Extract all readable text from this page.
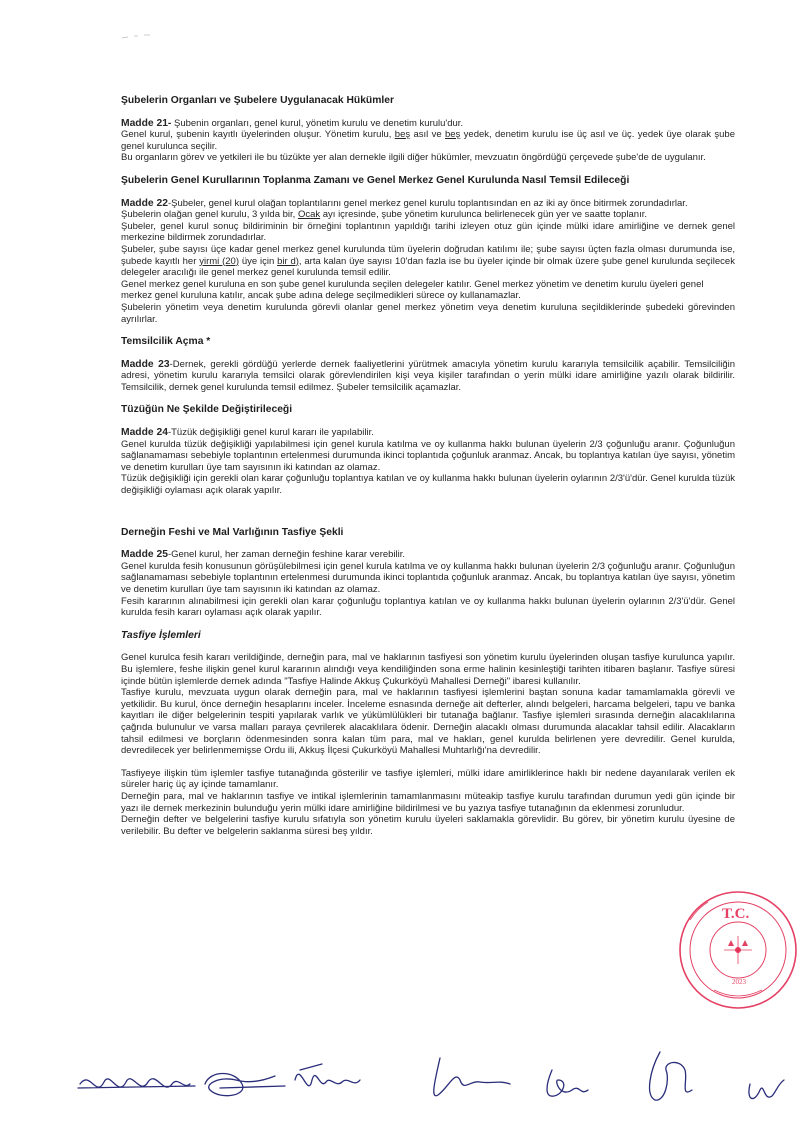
Şubelerin Organları ve Şubelere Uygulanacak Hükümler
Madde 21- Şubenin organları, genel kurul, yönetim kurulu ve denetim kurulu'dur.
Genel kurul, şubenin kayıtlı üyelerinden oluşur. Yönetim kurulu, beş asıl ve beş yedek, denetim kurulu ise üç asıl ve üç. yedek üye olarak şube genel kurulunca seçilir.
Bu organların görev ve yetkileri ile bu tüzükte yer alan dernekle ilgili diğer hükümler, mevzuatın öngördüğü çerçevede şube'de de uygulanır.
Şubelerin Genel Kurullarının Toplanma Zamanı ve Genel Merkez Genel Kurulunda Nasıl Temsil Edileceği
Madde 22-Şubeler, genel kurul olağan toplantılarını genel merkez genel kurulu toplantısından en az iki ay önce bitirmek zorundadırlar.
Şubelerin olağan genel kurulu, 3 yılda bir, Ocak ayı içresinde, şube yönetim kurulunca belirlenecek gün yer ve saatte toplanır.
Şubeler, genel kurul sonuç bildiriminin bir örneğini toplantının yapıldığı tarihi izleyen otuz gün içinde mülki idare amirliğine ve dernek genel merkezine bildirmek zorundadırlar.
Şubeler, şube sayısı üçe kadar genel merkez genel kurulunda tüm üyelerin doğrudan katılımı ile; şube sayısı üçten fazla olması durumunda ise, şubede kayıtlı her yirmi (20) üye için bir d), arta kalan üye sayısı 10'dan fazla ise bu üyeler içinde bir olmak üzere şube genel kurulunda seçilecek delegeler aracılığı ile genel merkez genel kurulunda temsil edilir.
Genel merkez genel kuruluna en son şube genel kurulunda seçilen delegeler katılır. Genel merkez yönetim ve denetim kurulu üyeleri genel
merkez genel kuruluna katılır, ancak şube adına delege seçilmedikleri sürece oy kullanamazlar.
Şubelerin yönetim veya denetim kurulunda görevli olanlar genel merkez yönetim veya denetim kuruluna seçildiklerinde şubedeki görevinden ayrılırlar.
Temsilcilik Açma *
Madde 23-Dernek, gerekli gördüğü yerlerde dernek faaliyetlerini yürütmek amacıyla yönetim kurulu kararıyla temsilcilik açabilir. Temsilciliğin adresi, yönetim kurulu kararıyla temsilci olarak görevlendirilen kişi veya kişiler tarafından o yerin mülki idare amirliğine yazılı olarak bildirilir. Temsilcilik, dernek genel kurulunda temsil edilmez. Şubeler temsilcilik açamazlar.
Tüzüğün Ne Şekilde Değiştirileceği
Madde 24-Tüzük değişikliği genel kurul kararı ile yapılabilir.
Genel kurulda tüzük değişikliği yapılabilmesi için genel kurula katılma ve oy kullanma hakkı bulunan üyelerin 2/3 çoğunluğu aranır. Çoğunluğun sağlanamaması sebebiyle toplantının ertelenmesi durumunda ikinci toplantıda çoğunluk aranmaz. Ancak, bu toplantıya katılan üye sayısı, yönetim ve denetim kurulları üye tam sayısının iki katından az olamaz.
Tüzük değişikliği için gerekli olan karar çoğunluğu toplantıya katılan ve oy kullanma hakkı bulunan üyelerin oylarının 2/3'ü'dür. Genel kurulda tüzük değişikliği oylaması açık olarak yapılır.
Derneğin Feshi ve Mal Varlığının Tasfiye Şekli
Madde 25-Genel kurul, her zaman derneğin feshine karar verebilir.
Genel kurulda fesih konusunun görüşülebilmesi için genel kurula katılma ve oy kullanma hakkı bulunan üyelerin 2/3 çoğunluğu aranır. Çoğunluğun sağlanamaması sebebiyle toplantının ertelenmesi durumunda ikinci toplantıda çoğunluk aranmaz. Ancak, bu toplantıya katılan üye sayısı, yönetim ve denetim kurulları üye tam sayısının iki katından az olamaz.
Fesih kararının alınabilmesi için gerekli olan karar çoğunluğu toplantıya katılan ve oy kullanma hakkı bulunan üyelerin oylarının 2/3'ü'dür. Genel kurulda fesih kararı oylaması açık olarak yapılır.
Tasfiye İşlemleri
Genel kurulca fesih kararı verildiğinde, derneğin para, mal ve haklarının tasfiyesi son yönetim kurulu üyelerinden oluşan tasfiye kurulunca yapılır. Bu işlemlere, feshe ilişkin genel kurul kararının alındığı veya kendiliğinden sona erme halinin kesinleştiği tarihten itibaren başlanır. Tasfiye süresi içinde bütün işlemlerde dernek adında "Tasfiye Halinde Akkuş Çukurköyü Mahallesi Derneği" ibaresi kullanılır.
Tasfiye kurulu, mevzuata uygun olarak derneğin para, mal ve haklarının tasfiyesi işlemlerini baştan sonuna kadar tamamlamakla görevli ve yetkilidir. Bu kurul, önce derneğin hesaplarını inceler. İnceleme esnasında derneğe ait defterler, alındı belgeleri, harcama belgeleri, tapu ve banka kayıtları ile diğer belgelerinin tespiti yapılarak varlık ve yükümlülükleri bir tutanağa bağlanır. Tasfiye işlemleri sırasında derneğin alacaklılarına çağrıda bulunulur ve varsa malları paraya çevrilerek alacaklılara ödenir. Derneğin alacaklı olması durumunda alacaklar tahsil edilir. Alacakların tahsil edilmesi ve borçların ödenmesinden sonra kalan tüm para, mal ve hakları, genel kurulda belirlenen yere devredilir. Genel kurulda, devredilecek yer belirlenmemişse Ordu ili, Akkuş İlçesi Çukurköyü Mahallesi Muhtarlığı'na devredilir.
Tasfiyeye ilişkin tüm işlemler tasfiye tutanağında gösterilir ve tasfiye işlemleri, mülki idare amirliklerince haklı bir nedene dayanılarak verilen ek süreler hariç üç ay içinde tamamlanır.
Derneğin para, mal ve haklarının tasfiye ve intikal işlemlerinin tamamlanmasını müteakip tasfiye kurulu tarafından durumun yedi gün içinde bir yazı ile dernek merkezinin bulunduğu yerin mülki idare amirliğine bildirilmesi ve bu yazıya tasfiye tutanağının da eklenmesi zorunludur.
Derneğin defter ve belgelerini tasfiye kurulu sıfatıyla son yönetim kurulu üyeleri saklamakla görevlidir. Bu görev, bir yönetim kurulu üyesine de verilebilir. Bu defter ve belgelerin saklanma süresi beş yıldır.
T.C.
2023
